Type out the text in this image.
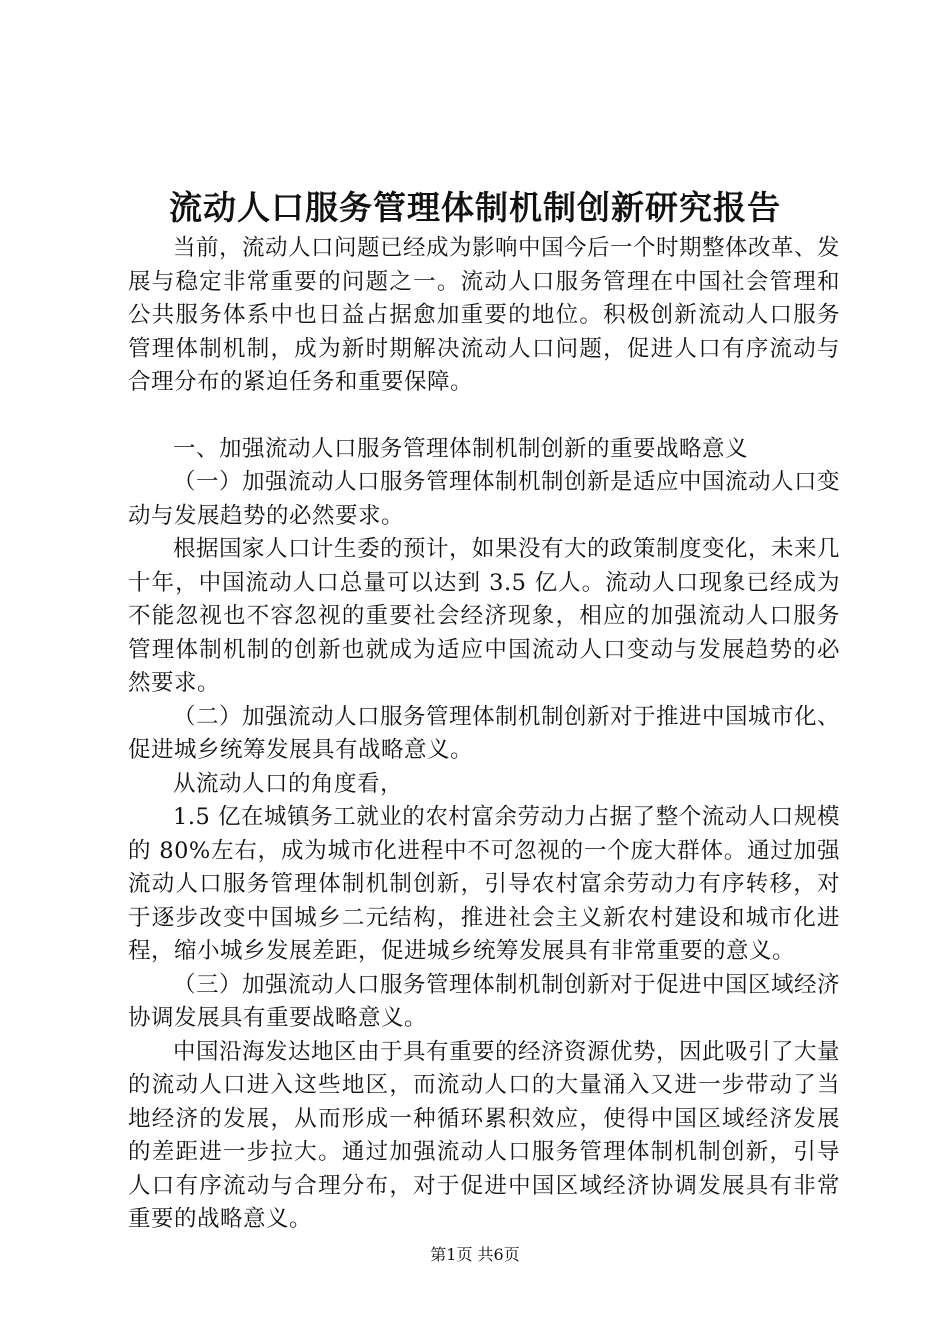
流动人口服务管理体制机制创新研究报告

当前，流动人口问题已经成为影响中国今后一个时期整体改革、发展与稳定非常重要的问题之一。流动人口服务管理在中国社会管理和公共服务体系中也日益占据愈加重要的地位。积极创新流动人口服务管理体制机制，成为新时期解决流动人口问题，促进人口有序流动与合理分布的紧迫任务和重要保障。

一、加强流动人口服务管理体制机制创新的重要战略意义

（一）加强流动人口服务管理体制机制创新是适应中国流动人口变动与发展趋势的必然要求。

根据国家人口计生委的预计，如果没有大的政策制度变化，未来几十年，中国流动人口总量可以达到 3.5 亿人。流动人口现象已经成为不能忽视也不容忽视的重要社会经济现象，相应的加强流动人口服务管理体制机制的创新也就成为适应中国流动人口变动与发展趋势的必然要求。

（二）加强流动人口服务管理体制机制创新对于推进中国城市化、促进城乡统筹发展具有战略意义。

从流动人口的角度看，

1.5 亿在城镇务工就业的农村富余劳动力占据了整个流动人口规模的 80%左右，成为城市化进程中不可忽视的一个庞大群体。通过加强流动人口服务管理体制机制创新，引导农村富余劳动力有序转移，对于逐步改变中国城乡二元结构，推进社会主义新农村建设和城市化进程，缩小城乡发展差距，促进城乡统筹发展具有非常重要的意义。

（三）加强流动人口服务管理体制机制创新对于促进中国区域经济协调发展具有重要战略意义。

中国沿海发达地区由于具有重要的经济资源优势，因此吸引了大量的流动人口进入这些地区，而流动人口的大量涌入又进一步带动了当地经济的发展，从而形成一种循环累积效应，使得中国区域经济发展的差距进一步拉大。通过加强流动人口服务管理体制机制创新，引导人口有序流动与合理分布，对于促进中国区域经济协调发展具有非常重要的战略意义。

第1页 共6页
